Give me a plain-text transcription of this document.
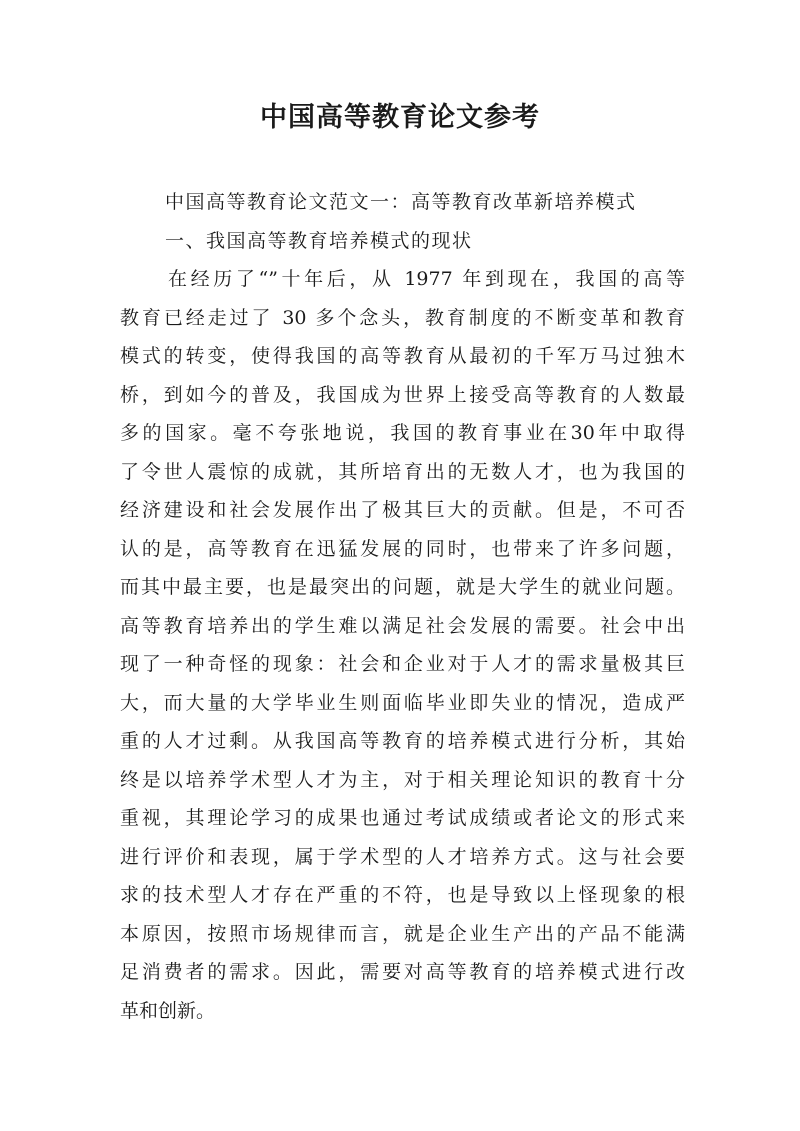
中国高等教育论文参考
中国高等教育论文范文一：高等教育改革新培养模式
一、我国高等教育培养模式的现状
在经历了“”十年后，从 1977 年到现在，我国的高等
教育已经走过了 30 多个念头，教育制度的不断变革和教育
模式的转变，使得我国的高等教育从最初的千军万马过独木
桥，到如今的普及，我国成为世界上接受高等教育的人数最
多的国家。毫不夸张地说，我国的教育事业在30年中取得
了令世人震惊的成就，其所培育出的无数人才，也为我国的
经济建设和社会发展作出了极其巨大的贡献。但是，不可否
认的是，高等教育在迅猛发展的同时，也带来了许多问题，
而其中最主要，也是最突出的问题，就是大学生的就业问题。
高等教育培养出的学生难以满足社会发展的需要。社会中出
现了一种奇怪的现象：社会和企业对于人才的需求量极其巨
大，而大量的大学毕业生则面临毕业即失业的情况，造成严
重的人才过剩。从我国高等教育的培养模式进行分析，其始
终是以培养学术型人才为主，对于相关理论知识的教育十分
重视，其理论学习的成果也通过考试成绩或者论文的形式来
进行评价和表现，属于学术型的人才培养方式。这与社会要
求的技术型人才存在严重的不符，也是导致以上怪现象的根
本原因，按照市场规律而言，就是企业生产出的产品不能满
足消费者的需求。因此，需要对高等教育的培养模式进行改
革和创新。
